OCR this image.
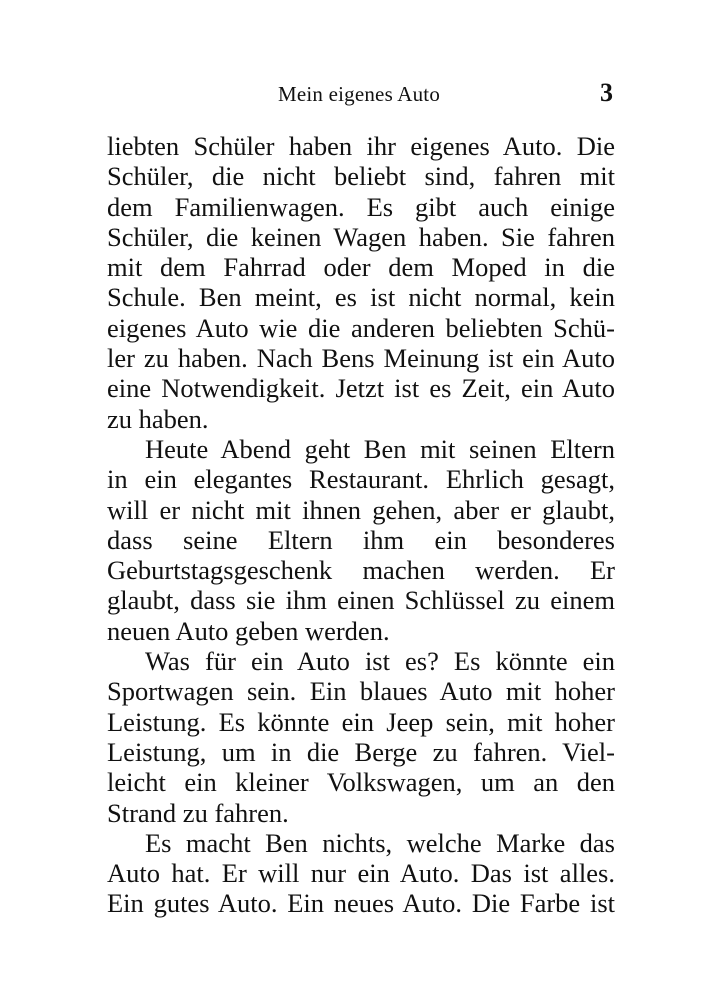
Mein eigenes Auto	3
liebten Schüler haben ihr eigenes Auto. Die
Schüler, die nicht beliebt sind, fahren mit
dem Familienwagen. Es gibt auch einige
Schüler, die keinen Wagen haben. Sie fahren
mit dem Fahrrad oder dem Moped in die
Schule. Ben meint, es ist nicht normal, kein
eigenes Auto wie die anderen beliebten Schü-
ler zu haben. Nach Bens Meinung ist ein Auto
eine Notwendigkeit. Jetzt ist es Zeit, ein Auto
zu haben.
Heute Abend geht Ben mit seinen Eltern
in ein elegantes Restaurant. Ehrlich gesagt,
will er nicht mit ihnen gehen, aber er glaubt,
dass seine Eltern ihm ein besonderes
Geburtstagsgeschenk machen werden. Er
glaubt, dass sie ihm einen Schlüssel zu einem
neuen Auto geben werden.
Was für ein Auto ist es? Es könnte ein
Sportwagen sein. Ein blaues Auto mit hoher
Leistung. Es könnte ein Jeep sein, mit hoher
Leistung, um in die Berge zu fahren. Viel-
leicht ein kleiner Volkswagen, um an den
Strand zu fahren.
Es macht Ben nichts, welche Marke das
Auto hat. Er will nur ein Auto. Das ist alles.
Ein gutes Auto. Ein neues Auto. Die Farbe ist
